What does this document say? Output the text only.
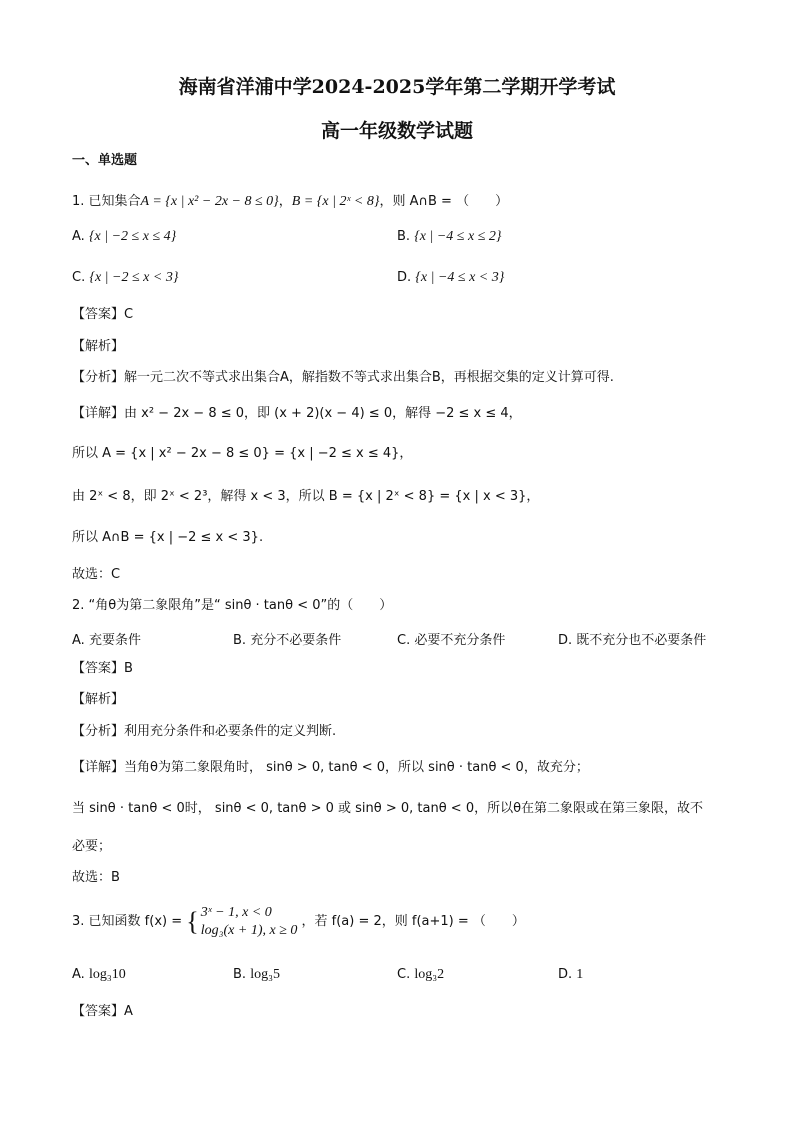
海南省洋浦中学2024-2025学年第二学期开学考试
高一年级数学试题
一、单选题
1. 已知集合A = {x | x² − 2x − 8 ≤ 0}，B = {x | 2ˣ < 8}，则 A∩B = （　　）
A. {x | −2 ≤ x ≤ 4}	B. {x | −4 ≤ x ≤ 2}
C. {x | −2 ≤ x < 3}	D. {x | −4 ≤ x < 3}
【答案】C
【解析】
【分析】解一元二次不等式求出集合A，解指数不等式求出集合B，再根据交集的定义计算可得.
【详解】由 x² − 2x − 8 ≤ 0，即 (x + 2)(x − 4) ≤ 0，解得 −2 ≤ x ≤ 4，
所以 A = {x | x² − 2x − 8 ≤ 0} = {x | −2 ≤ x ≤ 4}，
由 2ˣ < 8，即 2ˣ < 2³，解得 x < 3，所以 B = {x | 2ˣ < 8} = {x | x < 3}，
所以 A∩B = {x | −2 ≤ x < 3}.
故选：C
2. “角θ为第二象限角”是“ sinθ · tanθ < 0”的（　　）
A. 充要条件	B. 充分不必要条件	C. 必要不充分条件	D. 既不充分也不必要条件
【答案】B
【解析】
【分析】利用充分条件和必要条件的定义判断.
【详解】当角θ为第二象限角时， sinθ > 0, tanθ < 0，所以 sinθ · tanθ < 0，故充分；
当 sinθ · tanθ < 0时， sinθ < 0, tanθ > 0 或 sinθ > 0, tanθ < 0，所以θ在第二象限或在第三象限，故不
必要；
故选：B
3. 已知函数 f(x) = { 3ˣ − 1, x < 0
log₃(x + 1), x ≥ 0
，若 f(a) = 2，则 f(a+1) = （　　）
A. log₃10	B. log₃5	C. log₃2	D. 1
【答案】A
